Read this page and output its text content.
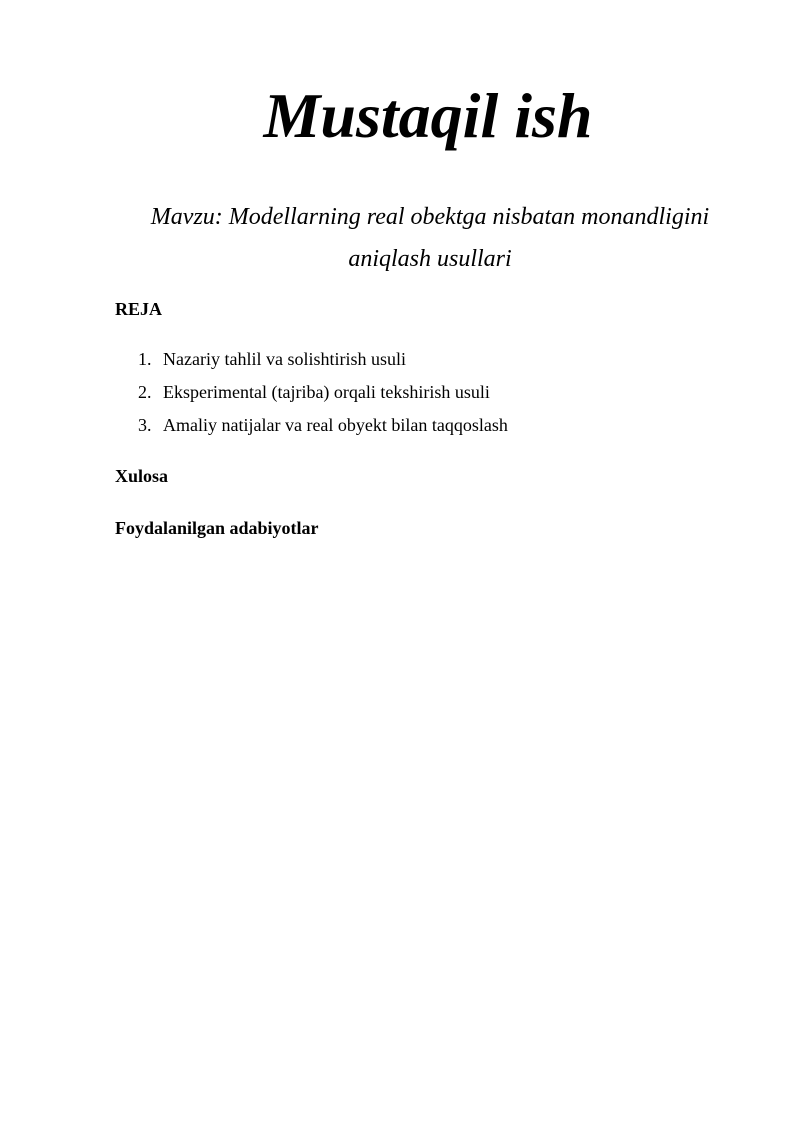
Mustaqil ish
Mavzu: Modellarning real obektga nisbatan monandligini aniqlash usullari
REJA
1. Nazariy tahlil va solishtirish usuli
2. Eksperimental (tajriba) orqali tekshirish usuli
3. Amaliy natijalar va real obyekt bilan taqqoslash
Xulosa
Foydalanilgan adabiyotlar
